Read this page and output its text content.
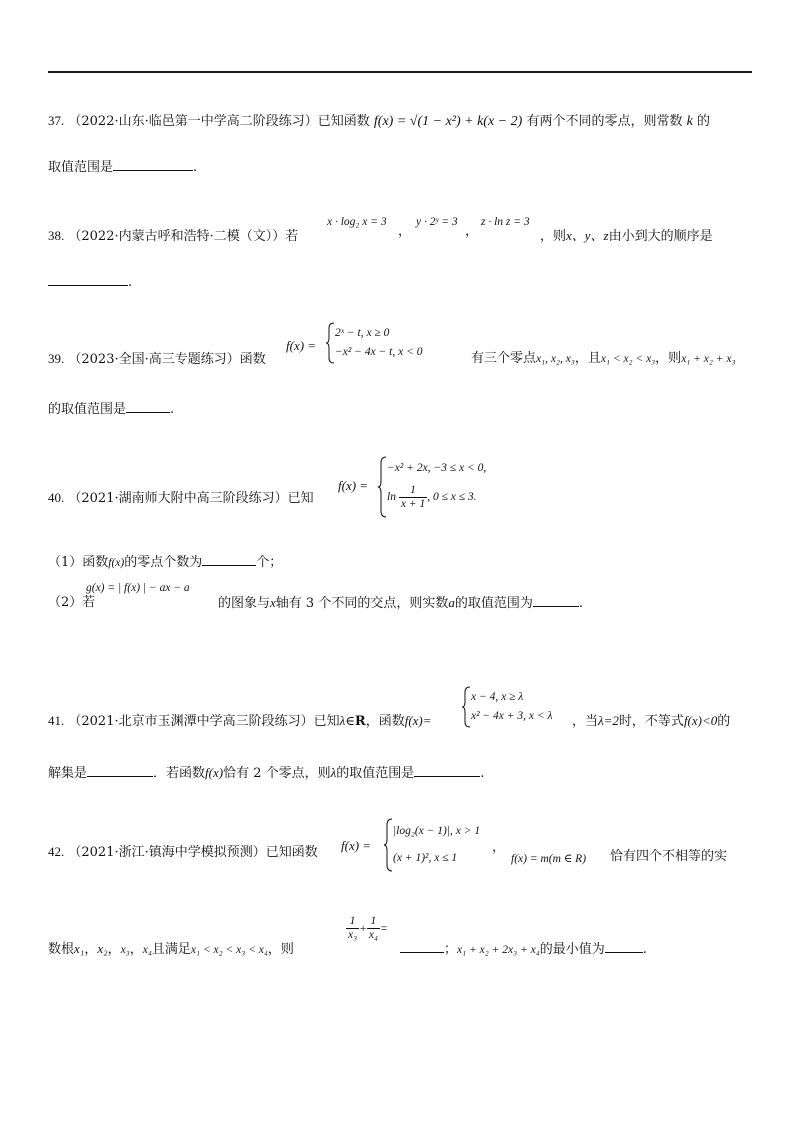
37. （2022·山东·临邑第一中学高二阶段练习）已知函数 f(x) = √(1 − x²) + k(x − 2) 有两个不同的零点，则常数 k 的
取值范围是	.
38. （2022·内蒙古呼和浩特·二模（文））若
x · log₂ x = 3
，
y · 2ʸ = 3
，
z · ln z = 3
，则x、y、z由小到大的顺序是
.
39. （2023·全国·高三专题练习）函数
f(x) =
2ˣ − t, x ≥ 0
−x² − 4x − t, x < 0	有三个零点x₁, x₂, x₃，且x₁ < x₂ < x₃，则x₁ + x₂ + x₃
的取值范围是	.
40. （2021·湖南师大附中高三阶段练习）已知
f(x) =
−x² + 2x, −3 ≤ x < 0,
$\ln \frac{1}{x + 1}$ , 0 ≤ x ≤ 3.
（1）函数f(x)的零点个数为	个；
（2）若
g(x) = | f(x) | − ax − a
的图象与x轴有 3 个不同的交点，则实数a的取值范围为	.
41. （2021·北京市玉渊潭中学高三阶段练习）已知λ∈R，函数f(x)=
x − 4, x ≥ λ
x² − 4x + 3, x < λ ，当λ=2时，不等式f(x)<0的
解集是	．若函数f(x)恰有 2 个零点，则λ的取值范围是	.
42. （2021·浙江·镇海中学模拟预测）已知函数 f(x) =
|log₂(x − 1)|, x > 1
(x + 1)², x ≤ 1
，
f(x) = m(m ∈ R) 恰有四个不相等的实
数根x₁，x₂，x₃，x₄且满足x₁ < x₂ < x₃ < x₄，则
$\frac{1}{\text{x₃}} + \frac{1}{\text{x₄}}$ =
；x₁ + x₂ + 2x₃ + x₄的最小值为	.
